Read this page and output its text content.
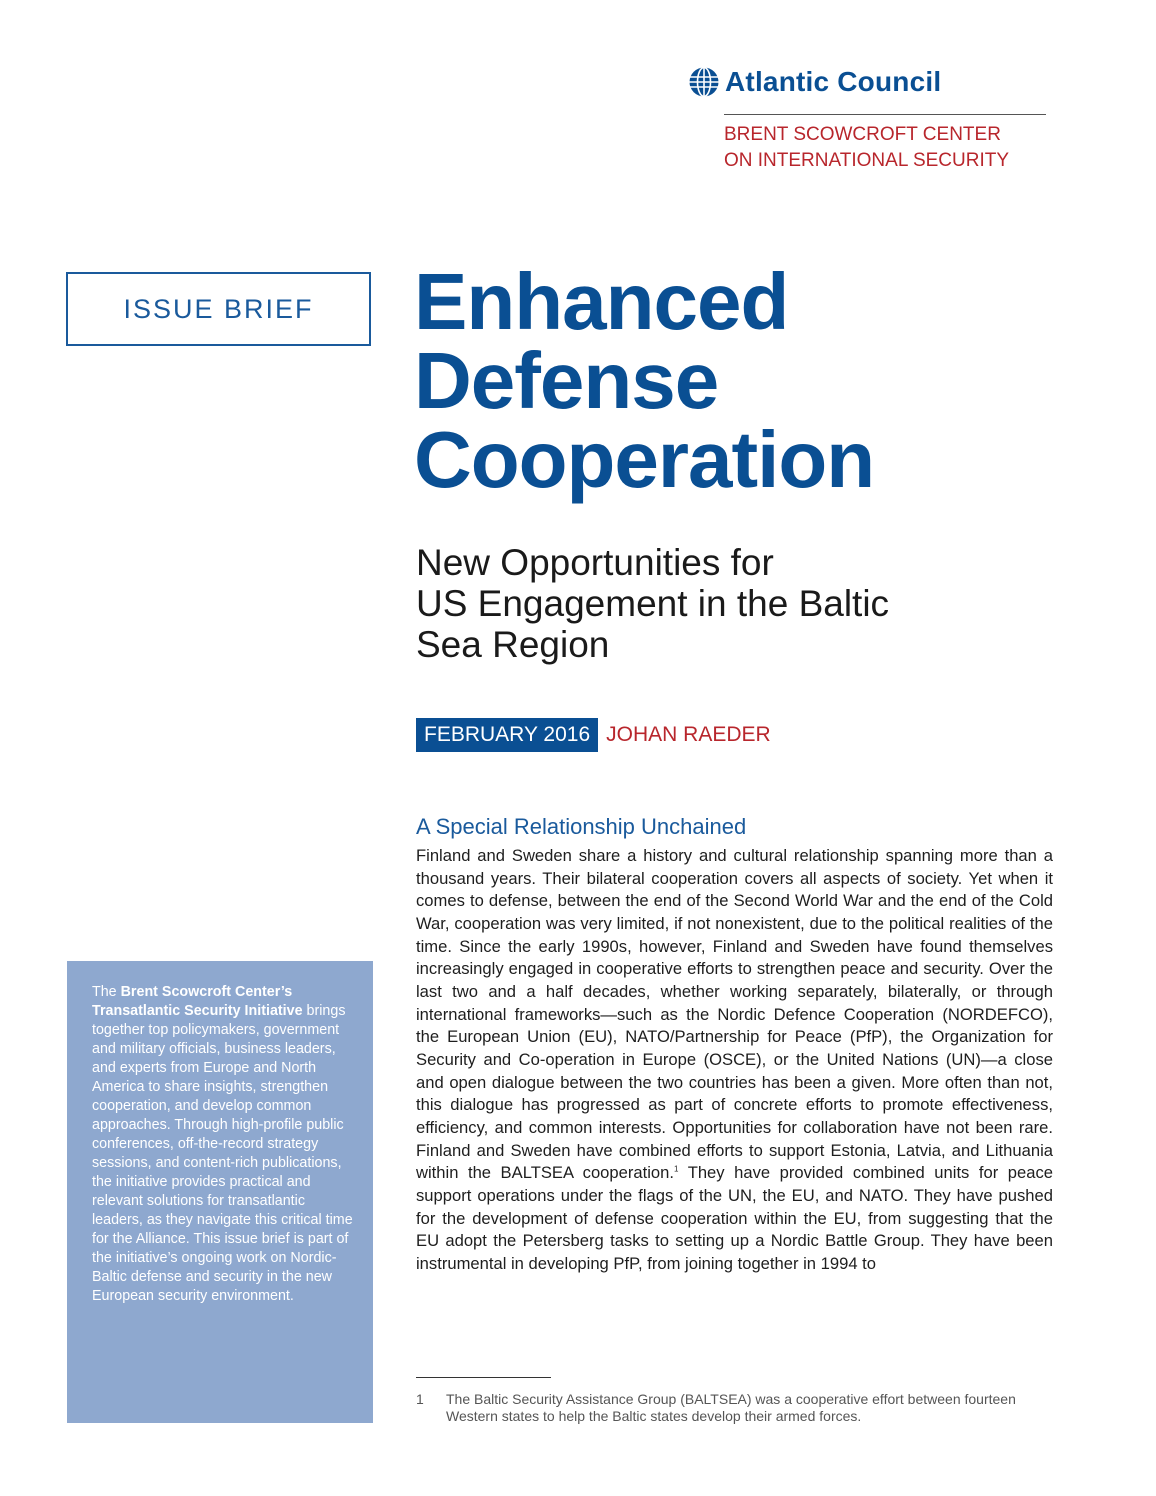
Atlantic Council
BRENT SCOWCROFT CENTER
ON INTERNATIONAL SECURITY
ISSUE BRIEF Enhanced
Defense
Cooperation
New Opportunities for
US Engagement in the Baltic
Sea Region
FEBRUARY 2016 JOHAN RAEDER
A Special Relationship Unchained
Finland and Sweden share a history and cultural relationship spanning more than a thousand years. Their bilateral cooperation covers all aspects of society. Yet when it comes to defense, between the end of the Second World War and the end of the Cold War, cooperation was very limited, if not nonexistent, due to the political realities of the time. Since the early 1990s, however, Finland and Sweden have found themselves increasingly engaged in cooperative efforts to strengthen peace and security. Over the last two and a half decades, whether working separately, bilaterally, or through international frameworks—such as the Nordic Defence Cooperation (NORDEFCO), the European Union (EU), NATO/Partnership for Peace (PfP), the Organization for Security and Co-operation in Europe (OSCE), or the United Nations (UN)—a close and open dialogue between the two countries has been a given. More often than not, this dialogue has progressed as part of concrete efforts to promote effectiveness, efficiency, and common interests. Opportunities for collaboration have not been rare. Finland and Sweden have combined efforts to support Estonia, Latvia, and Lithuania within the BALTSEA cooperation.$^1$ They have provided combined units for peace support operations under the flags of the UN, the EU, and NATO. They have pushed for the development of defense cooperation within the EU, from suggesting that the EU adopt the Petersberg tasks to setting up a Nordic Battle Group. They have been instrumental in developing PfP, from joining together in 1994 to
The Brent Scowcroft Center’s Transatlantic Security Initiative brings together top policymakers, government and military officials, business leaders, and experts from Europe and North America to share insights, strengthen cooperation, and develop common approaches. Through high-profile public conferences, off-the-record strategy sessions, and content-rich publications, the initiative provides practical and relevant solutions for transatlantic leaders, as they navigate this critical time for the Alliance. This issue brief is part of the initiative’s ongoing work on Nordic-Baltic defense and security in the new European security environment.
1	The Baltic Security Assistance Group (BALTSEA) was a cooperative effort between fourteen Western states to help the Baltic states develop their armed forces.
